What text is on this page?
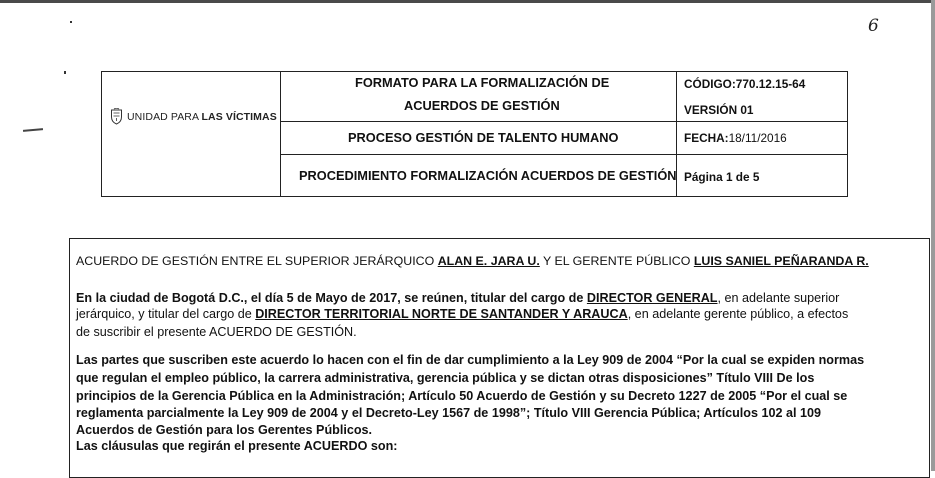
6
UNIDAD PARA LAS VÍCTIMAS
FORMATO PARA LA FORMALIZACIÓN DE
ACUERDOS DE GESTIÓN
PROCESO GESTIÓN DE TALENTO HUMANO
PROCEDIMIENTO FORMALIZACIÓN ACUERDOS DE GESTIÓN
CÓDIGO:770.12.15-64
VERSIÓN 01
FECHA:18/11/2016
Página 1 de 5
ACUERDO DE GESTIÓN ENTRE EL SUPERIOR JERÁRQUICO ALAN E. JARA U. Y EL GERENTE PÚBLICO LUIS SANIEL PEÑARANDA R.
En la ciudad de Bogotá D.C., el día 5 de Mayo de 2017, se reúnen, titular del cargo de DIRECTOR GENERAL, en adelante superior
jerárquico, y titular del cargo de DIRECTOR TERRITORIAL NORTE DE SANTANDER Y ARAUCA, en adelante gerente público, a efectos
de suscribir el presente ACUERDO DE GESTIÓN.
Las partes que suscriben este acuerdo lo hacen con el fin de dar cumplimiento a la Ley 909 de 2004 “Por la cual se expiden normas
que regulan el empleo público, la carrera administrativa, gerencia pública y se dictan otras disposiciones” Título VIII De los
principios de la Gerencia Pública en la Administración; Artículo 50 Acuerdo de Gestión y su Decreto 1227 de 2005 “Por el cual se
reglamenta parcialmente la Ley 909 de 2004 y el Decreto-Ley 1567 de 1998”; Título VIII Gerencia Pública; Artículos 102 al 109
Acuerdos de Gestión para los Gerentes Públicos.
Las cláusulas que regirán el presente ACUERDO son:
